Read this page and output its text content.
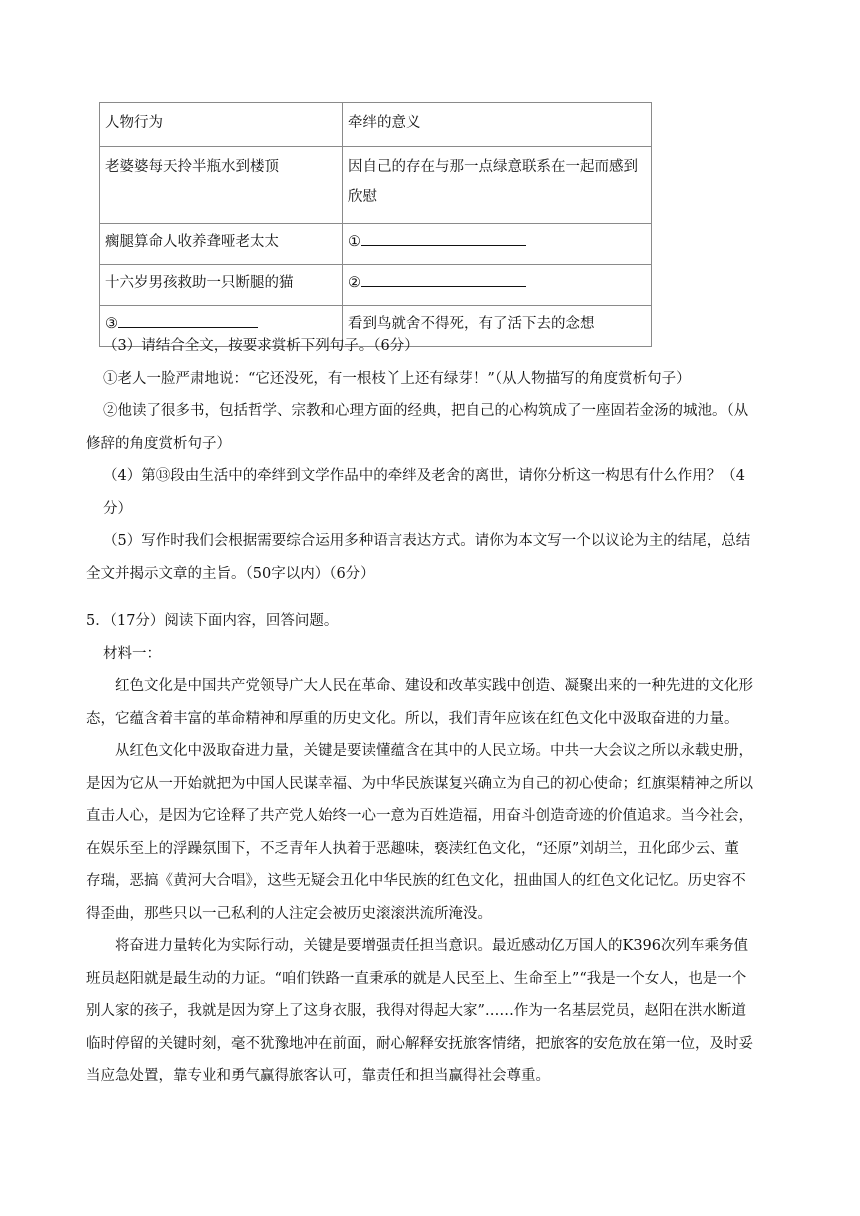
人物行为	牵绊的意义
老婆婆每天拎半瓶水到楼顶	因自己的存在与那一点绿意联系在一起而感到欣慰
瘸腿算命人收养聋哑老太太	①
十六岁男孩救助一只断腿的猫	②
③	看到鸟就舍不得死，有了活下去的念想
（3）请结合全文，按要求赏析下列句子。（6分）
①老人一脸严肃地说：“它还没死，有一根枝丫上还有绿芽！”（从人物描写的角度赏析句子）
②他读了很多书，包括哲学、宗教和心理方面的经典，把自己的心构筑成了一座固若金汤的城池。（从
修辞的角度赏析句子）
（4）第⑬段由生活中的牵绊到文学作品中的牵绊及老舍的离世，请你分析这一构思有什么作用？（4
分）
（5）写作时我们会根据需要综合运用多种语言表达方式。请你为本文写一个以议论为主的结尾，总结
全文并揭示文章的主旨。（50字以内）（6分）
5．（17分）阅读下面内容，回答问题。
材料一：
红色文化是中国共产党领导广大人民在革命、建设和改革实践中创造、凝聚出来的一种先进的文化形
态，它蕴含着丰富的革命精神和厚重的历史文化。所以，我们青年应该在红色文化中汲取奋进的力量。
从红色文化中汲取奋进力量，关键是要读懂蕴含在其中的人民立场。中共一大会议之所以永载史册，
是因为它从一开始就把为中国人民谋幸福、为中华民族谋复兴确立为自己的初心使命；红旗渠精神之所以
直击人心，是因为它诠释了共产党人始终一心一意为百姓造福，用奋斗创造奇迹的价值追求。当今社会，
在娱乐至上的浮躁氛围下，不乏青年人执着于恶趣味，亵渎红色文化，“还原”刘胡兰，丑化邱少云、董
存瑞，恶搞《黄河大合唱》，这些无疑会丑化中华民族的红色文化，扭曲国人的红色文化记忆。历史容不
得歪曲，那些只以一己私利的人注定会被历史滚滚洪流所淹没。
将奋进力量转化为实际行动，关键是要增强责任担当意识。最近感动亿万国人的K396次列车乘务值
班员赵阳就是最生动的力证。“咱们铁路一直秉承的就是人民至上、生命至上”“我是一个女人，也是一个
别人家的孩子，我就是因为穿上了这身衣服，我得对得起大家”……作为一名基层党员，赵阳在洪水断道
临时停留的关键时刻，毫不犹豫地冲在前面，耐心解释安抚旅客情绪，把旅客的安危放在第一位，及时妥
当应急处置，靠专业和勇气赢得旅客认可，靠责任和担当赢得社会尊重。
